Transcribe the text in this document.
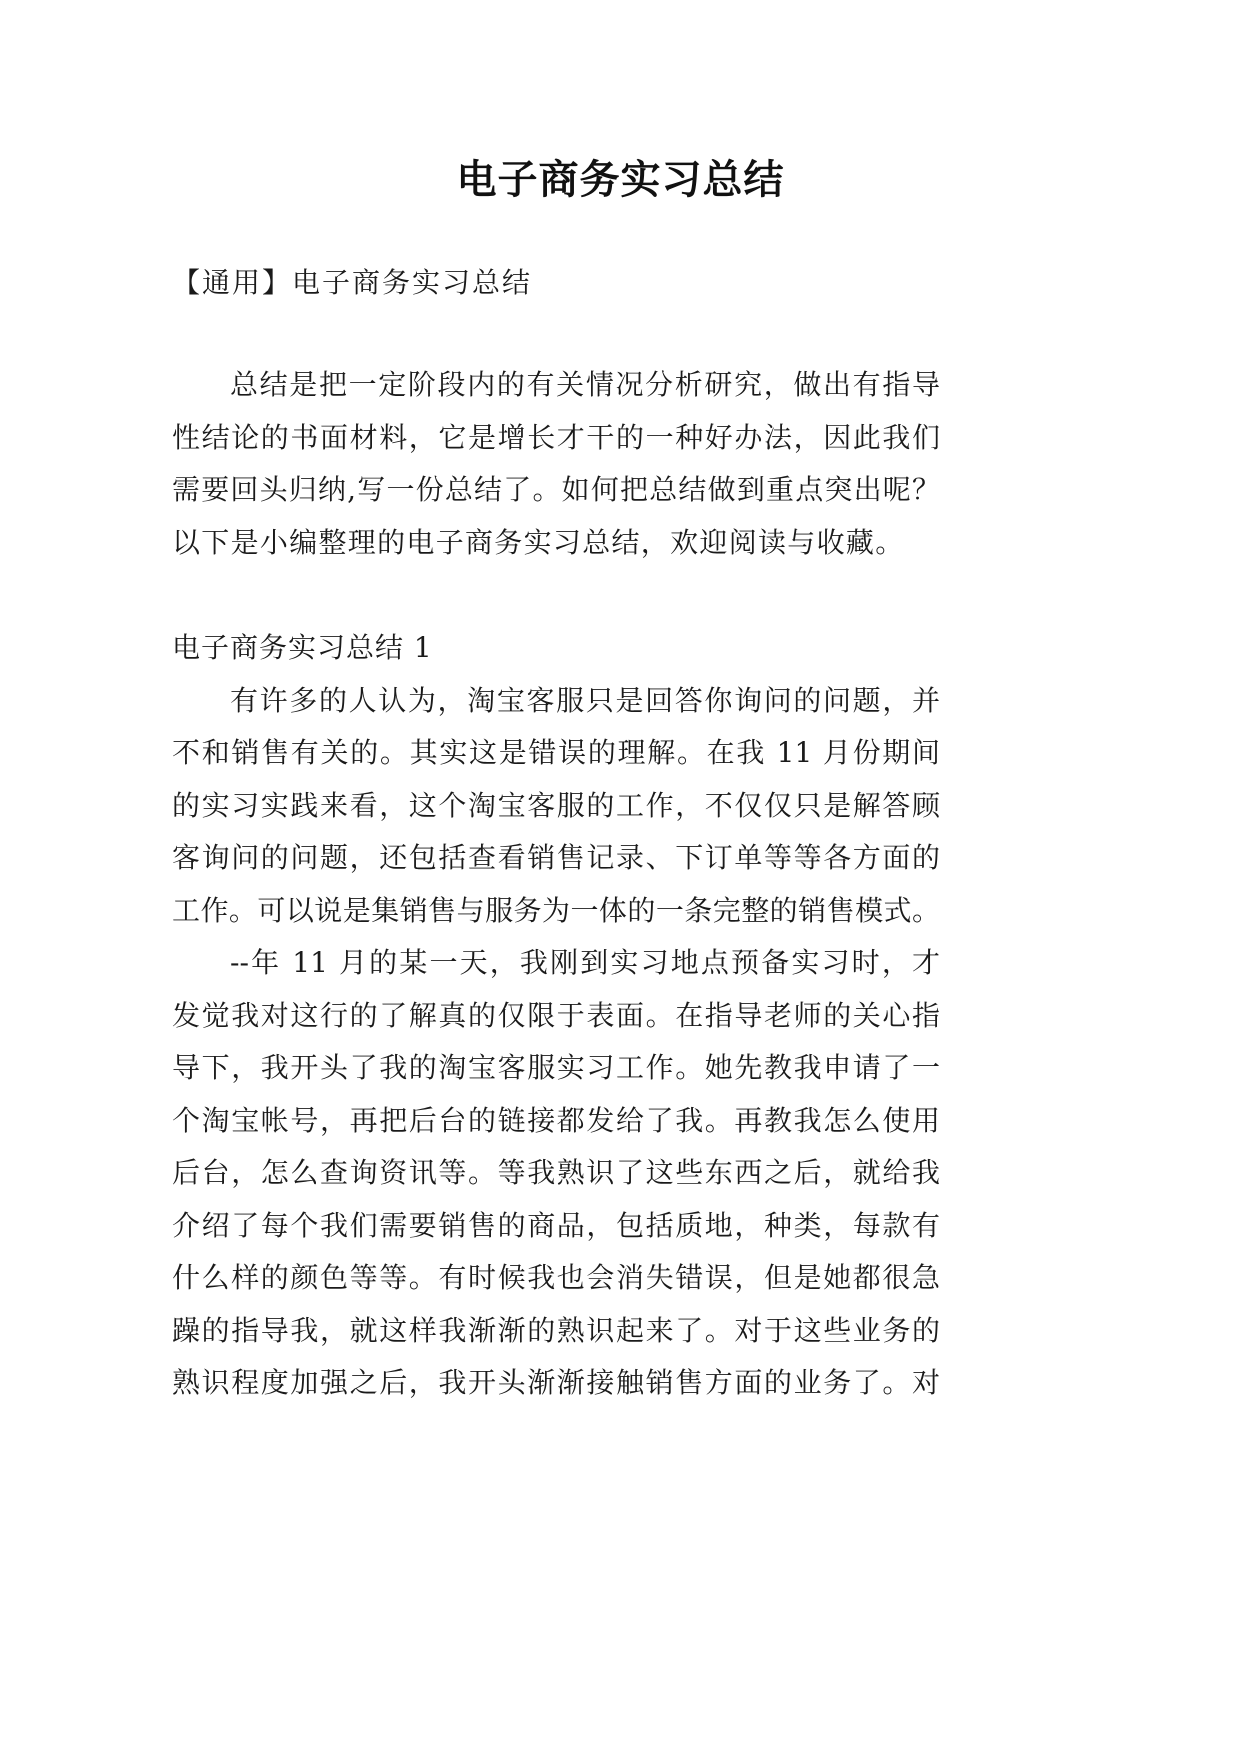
电子商务实习总结
【通用】电子商务实习总结
总结是把一定阶段内的有关情况分析研究，做出有指导
性结论的书面材料，它是增长才干的一种好办法，因此我们
需要回头归纳,写一份总结了。如何把总结做到重点突出呢？
以下是小编整理的电子商务实习总结，欢迎阅读与收藏。
电子商务实习总结 1
有许多的人认为，淘宝客服只是回答你询问的问题，并
不和销售有关的。其实这是错误的理解。在我 11 月份期间
的实习实践来看，这个淘宝客服的工作，不仅仅只是解答顾
客询问的问题，还包括查看销售记录、下订单等等各方面的
工作。可以说是集销售与服务为一体的一条完整的销售模式。
--年 11 月的某一天，我刚到实习地点预备实习时，才
发觉我对这行的了解真的仅限于表面。在指导老师的关心指
导下，我开头了我的淘宝客服实习工作。她先教我申请了一
个淘宝帐号，再把后台的链接都发给了我。再教我怎么使用
后台，怎么查询资讯等。等我熟识了这些东西之后，就给我
介绍了每个我们需要销售的商品，包括质地，种类，每款有
什么样的颜色等等。有时候我也会消失错误，但是她都很急
躁的指导我，就这样我渐渐的熟识起来了。对于这些业务的
熟识程度加强之后，我开头渐渐接触销售方面的业务了。对
